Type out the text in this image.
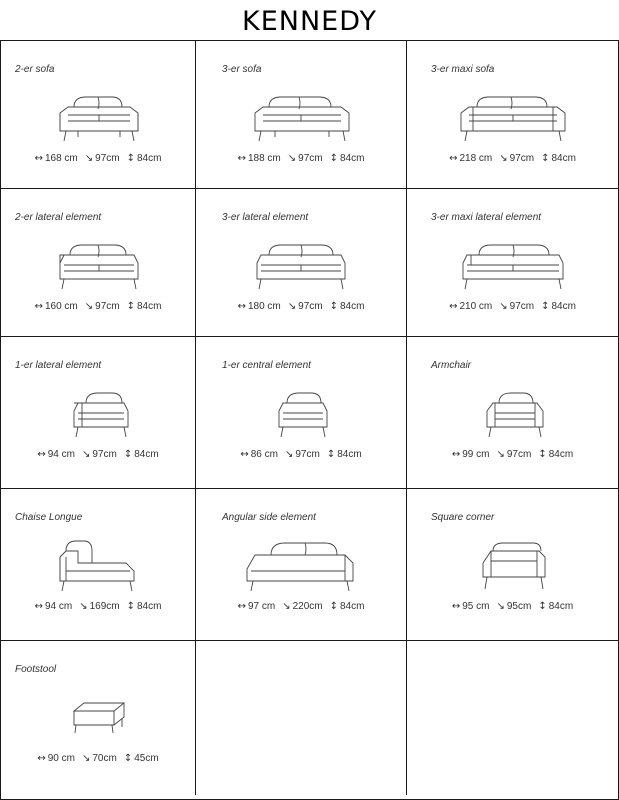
KENNEDY
2-er sofa
↔ 168 cm ↘ 97cm ↕ 84cm
3-er sofa
↔ 188 cm ↘ 97cm ↕ 84cm
3-er maxi sofa
↔ 218 cm ↘ 97cm ↕ 84cm
2-er lateral element
↔ 160 cm ↘ 97cm ↕ 84cm
3-er lateral element
↔ 180 cm ↘ 97cm ↕ 84cm
3-er maxi lateral element
↔ 210 cm ↘ 97cm ↕ 84cm
1-er lateral element
↔ 94 cm ↘ 97cm ↕ 84cm
1-er central element
↔ 86 cm ↘ 97cm ↕ 84cm
Armchair
↔ 99 cm ↘ 97cm ↕ 84cm
Chaise Longue
↔ 94 cm ↘ 169cm ↕ 84cm
Angular side element
↔ 97 cm ↘ 220cm ↕ 84cm
Square corner
↔ 95 cm ↘ 95cm ↕ 84cm
Footstool
↔ 90 cm ↘ 70cm ↕ 45cm
